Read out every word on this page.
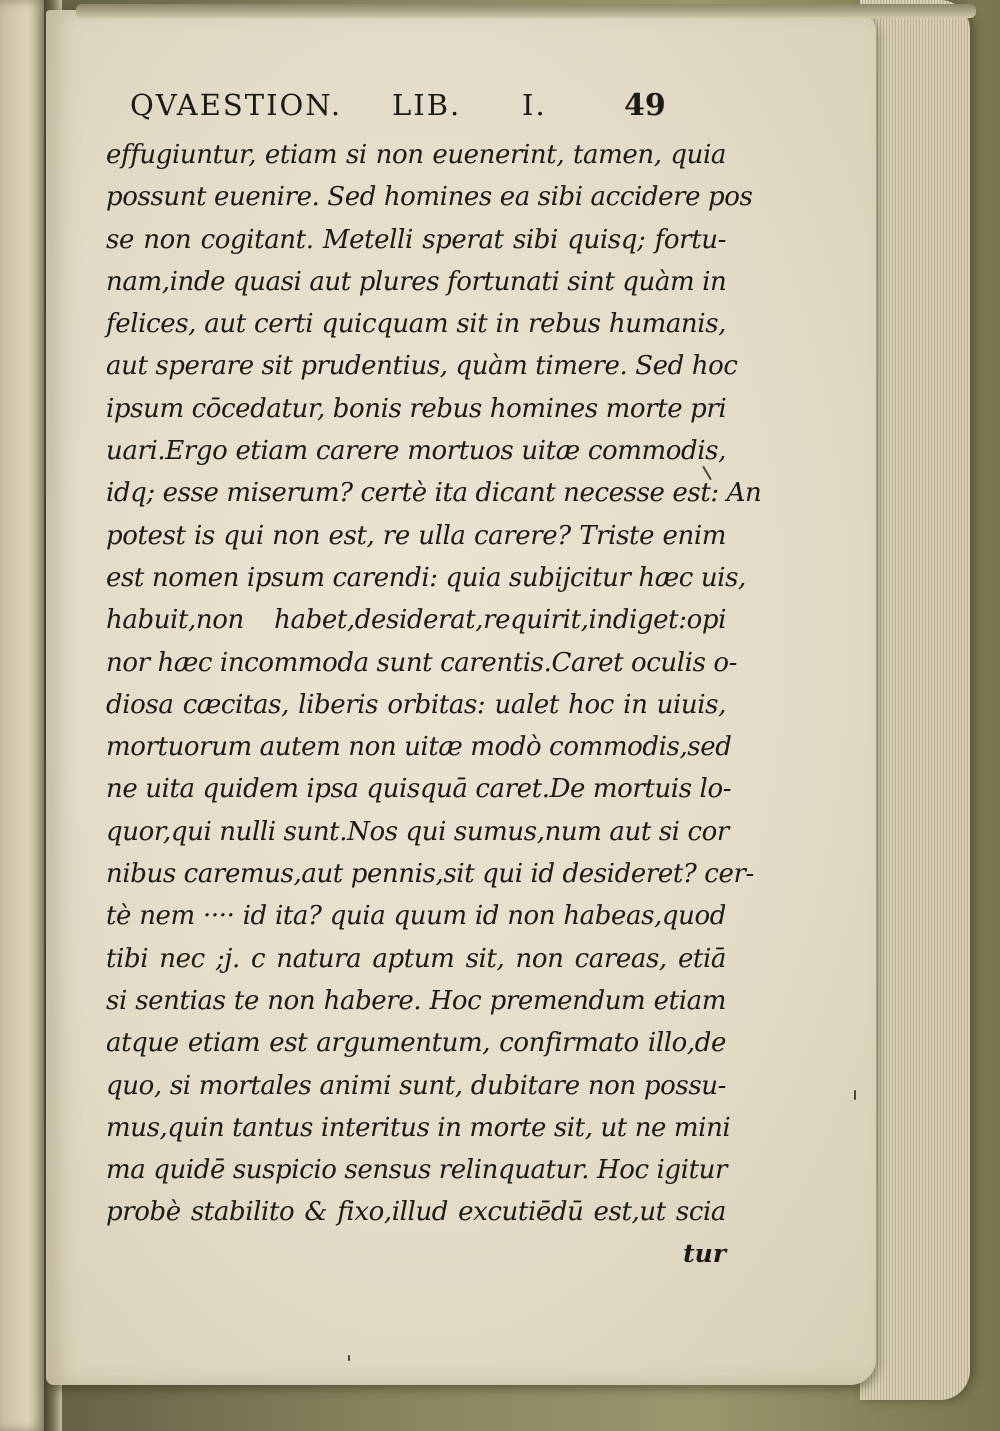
QVAESTION.	LIB.	I.	49
effugiuntur, etiam si non euenerint, tamen, quia
possunt euenire. Sed homines ea sibi accidere pos
se non cogitant. Metelli sperat sibi quisq; fortu-
nam,inde quasi aut plures fortunati sint quàm in
felices, aut certi quicquam sit in rebus humanis,
aut sperare sit prudentius, quàm timere. Sed hoc
ipsum cōcedatur, bonis rebus homines morte pri
uari.Ergo etiam carere mortuos uitæ commodis,
idq; esse miserum? certè ita dicant necesse est: An
potest is qui non est, re ulla carere? Triste enim
est nomen ipsum carendi: quia subijcitur hæc uis,
habuit,non habet,desiderat,requirit,indiget:opi
nor hæc incommoda sunt carentis.Caret oculis o-
diosa cæcitas, liberis orbitas: ualet hoc in uiuis,
mortuorum autem non uitæ modò commodis,sed
ne uita quidem ipsa quisquā caret.De mortuis lo-
quor,qui nulli sunt.Nos qui sumus,num aut si cor
nibus caremus,aut pennis,sit qui id desideret? cer-
tè nem ···· id ita? quia quum id non habeas,quod
tibi nec ;j. c natura aptum sit, non careas, etiā
si sentias te non habere. Hoc premendum etiam
atque etiam est argumentum, confirmato illo,de
quo, si mortales animi sunt, dubitare non possu-
mus,quin tantus interitus in morte sit, ut ne mini
ma quidē suspicio sensus relinquatur. Hoc igitur
probè stabilito & fixo,illud excutiēdū est,ut scia
tur
